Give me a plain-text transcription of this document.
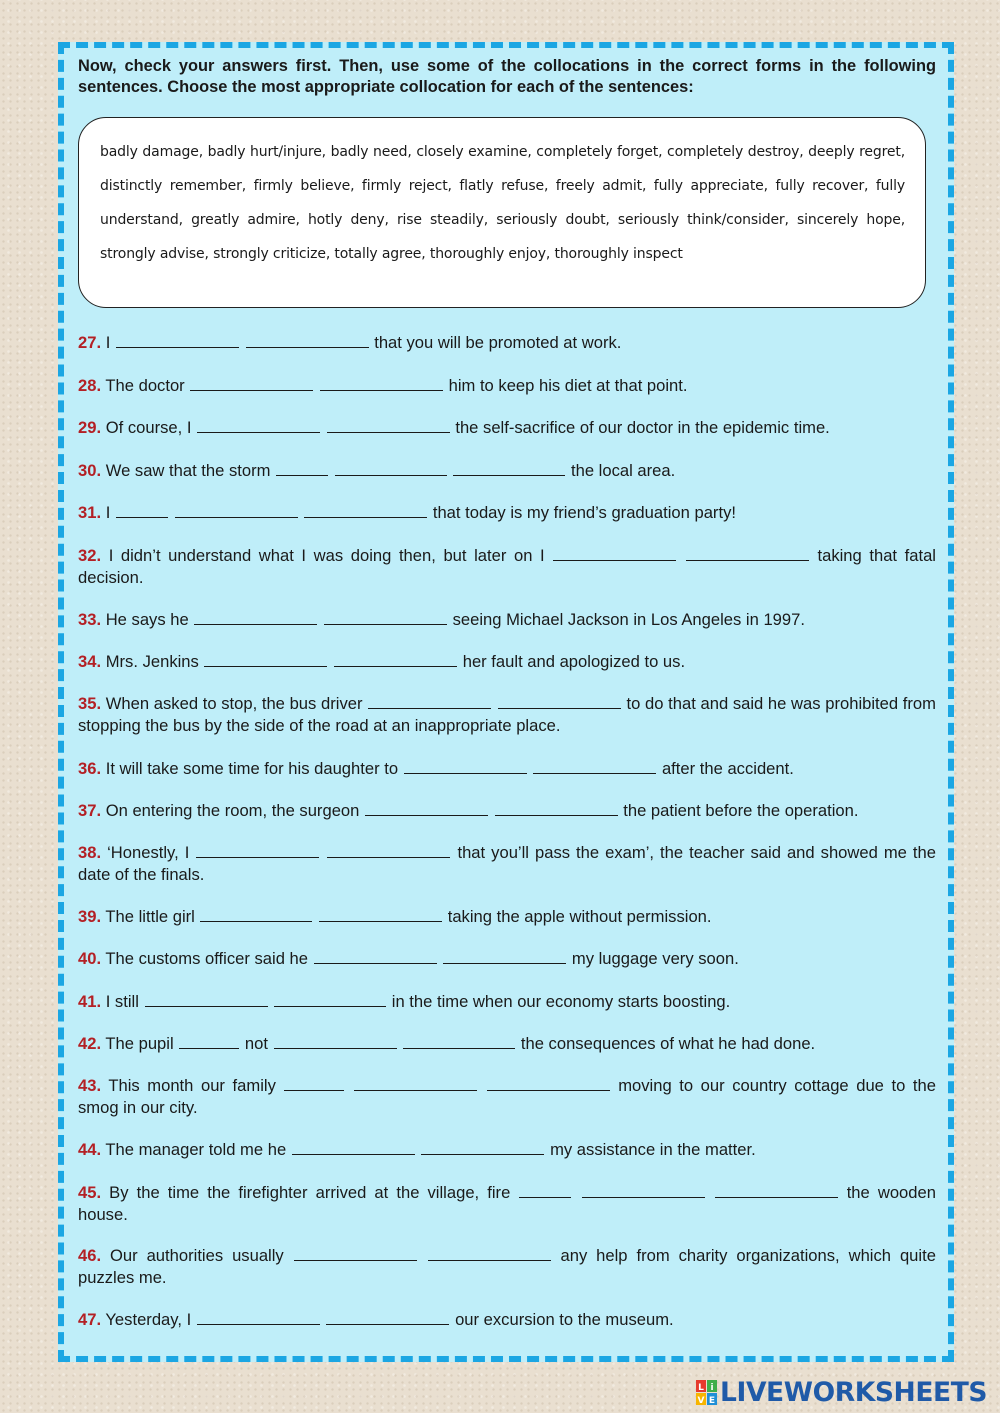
Now, check your answers first. Then, use some of the collocations in the correct forms in the following sentences. Choose the most appropriate collocation for each of the sentences:
badly damage, badly hurt/injure, badly need, closely examine, completely forget, completely destroy, deeply regret, distinctly remember, firmly believe, firmly reject, flatly refuse, freely admit, fully appreciate, fully recover, fully understand, greatly admire, hotly deny, rise steadily, seriously doubt, seriously think/consider, sincerely hope, strongly advise, strongly criticize, totally agree, thoroughly enjoy, thoroughly inspect
27. I	that you will be promoted at work.
28. The doctor	him to keep his diet at that point.
29. Of course, I	the self-sacrifice of our doctor in the epidemic time.
30. We saw that the storm	the local area.
31. I	that today is my friend’s graduation party!
32. I didn’t understand what I was doing then, but later on I	taking that fatal decision.
33. He says he	seeing Michael Jackson in Los Angeles in 1997.
34. Mrs. Jenkins	her fault and apologized to us.
35. When asked to stop, the bus driver	to do that and said he was prohibited from stopping the bus by the side of the road at an inappropriate place.
36. It will take some time for his daughter to	after the accident.
37. On entering the room, the surgeon	the patient before the operation.
38. ‘Honestly, I	that you’ll pass the exam’, the teacher said and showed me the date of the finals.
39. The little girl	taking the apple without permission.
40. The customs officer said he	my luggage very soon.
41. I still	in the time when our economy starts boosting.
42. The pupil	not	the consequences of what he had done.
43. This month our family	moving to our country cottage due to the smog in our city.
44. The manager told me he	my assistance in the matter.
45. By the time the firefighter arrived at the village, fire	the wooden house.
46. Our authorities usually	any help from charity organizations, which quite puzzles me.
47. Yesterday, I	our excursion to the museum.
L i
V E LIVEWORKSHEETS
